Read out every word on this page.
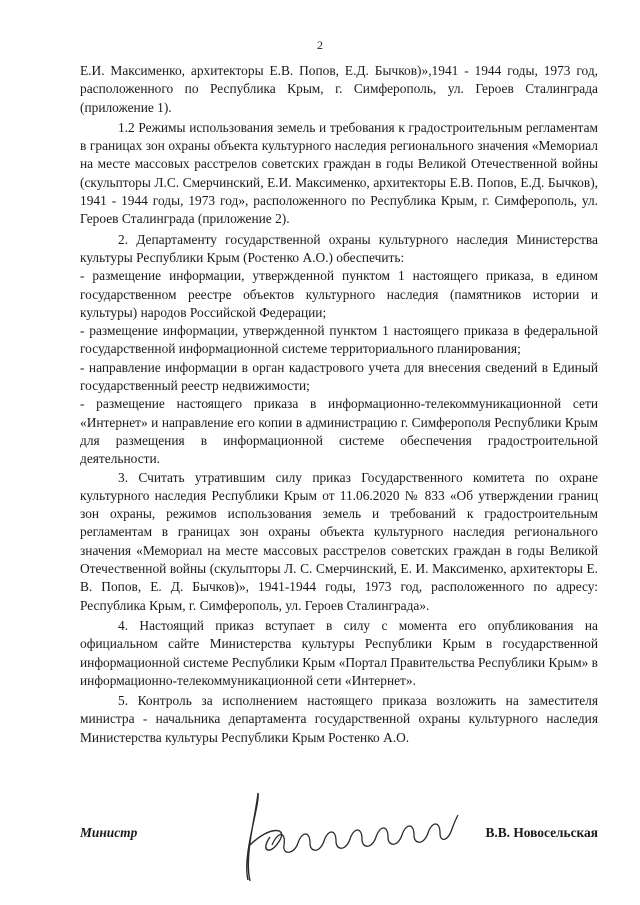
2

Е.И. Максименко, архитекторы Е.В. Попов, Е.Д. Бычков)»,1941 - 1944 годы, 1973 год, расположенного по Республика Крым, г. Симферополь, ул. Героев Сталинграда (приложение 1).

1.2 Режимы использования земель и требования к градостроительным регламентам в границах зон охраны объекта культурного наследия регионального значения «Мемориал на месте массовых расстрелов советских граждан в годы Великой Отечественной войны (скульпторы Л.С. Смерчинский, Е.И. Максименко, архитекторы Е.В. Попов, Е.Д. Бычков), 1941 - 1944 годы, 1973 год», расположенного по Республика Крым, г. Симферополь, ул. Героев Сталинграда (приложение 2).

2. Департаменту государственной охраны культурного наследия Министерства культуры Республики Крым (Ростенко А.О.) обеспечить:

- размещение информации, утвержденной пунктом 1 настоящего приказа, в едином государственном реестре объектов культурного наследия (памятников истории и культуры) народов Российской Федерации;

- размещение информации, утвержденной пунктом 1 настоящего приказа в федеральной государственной информационной системе территориального планирования;

- направление информации в орган кадастрового учета для внесения сведений в Единый государственный реестр недвижимости;

- размещение настоящего приказа в информационно-телекоммуникационной сети «Интернет» и направление его копии в администрацию г. Симферополя Республики Крым для размещения в информационной системе обеспечения градостроительной деятельности.

3. Считать утратившим силу приказ Государственного комитета по охране культурного наследия Республики Крым от 11.06.2020 № 833 «Об утверждении границ зон охраны, режимов использования земель и требований к градостроительным регламентам в границах зон охраны объекта культурного наследия регионального значения «Мемориал на месте массовых расстрелов советских граждан в годы Великой Отечественной войны (скульпторы Л. С. Смерчинский, Е. И. Максименко, архитекторы Е. В. Попов, Е. Д. Бычков)», 1941-1944 годы, 1973 год, расположенного по адресу: Республика Крым, г. Симферополь, ул. Героев Сталинграда».

4. Настоящий приказ вступает в силу с момента его опубликования на официальном сайте Министерства культуры Республики Крым в государственной информационной системе Республики Крым «Портал Правительства Республики Крым» в информационно-телекоммуникационной сети «Интернет».

5. Контроль за исполнением настоящего приказа возложить на заместителя министра - начальника департамента государственной охраны культурного наследия Министерства культуры Республики Крым Ростенко А.О.

Министр	В.В. Новосельская
